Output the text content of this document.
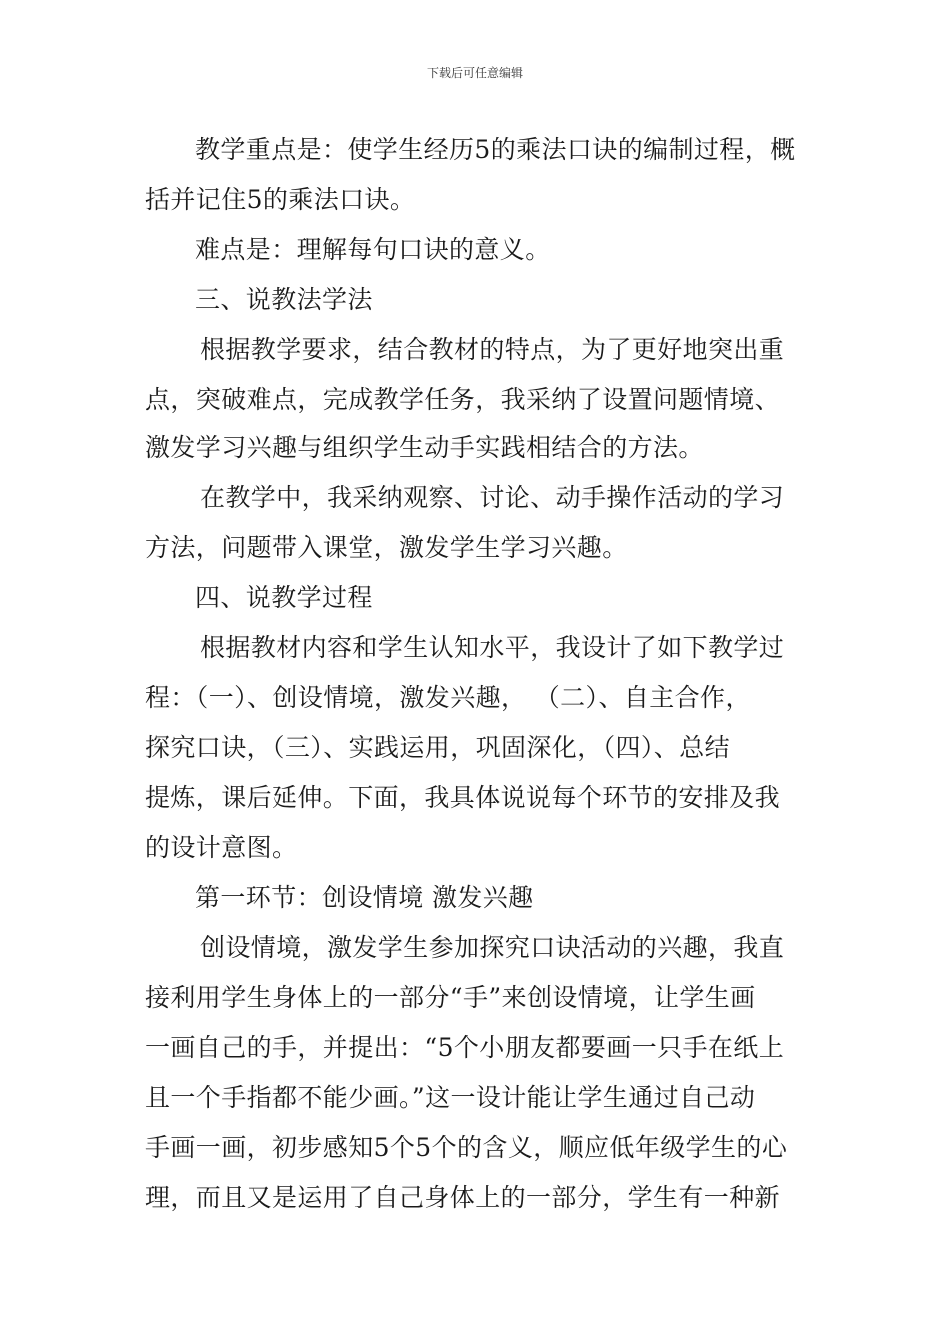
下载后可任意编辑
教学重点是：使学生经历5的乘法口诀的编制过程，概
括并记住5的乘法口诀。
难点是：理解每句口诀的意义。
三、说教法学法
根据教学要求，结合教材的特点，为了更好地突出重
点，突破难点，完成教学任务，我采纳了设置问题情境、
激发学习兴趣与组织学生动手实践相结合的方法。
在教学中，我采纳观察、讨论、动手操作活动的学习
方法，问题带入课堂，激发学生学习兴趣。
四、说教学过程
根据教材内容和学生认知水平，我设计了如下教学过
程：（一）、创设情境，激发兴趣， （二）、自主合作，
探究口诀，（三）、实践运用，巩固深化，（四）、总结
提炼，课后延伸。下面，我具体说说每个环节的安排及我
的设计意图。
第一环节：创设情境 激发兴趣
创设情境，激发学生参加探究口诀活动的兴趣，我直
接利用学生身体上的一部分“手”来创设情境，让学生画
一画自己的手，并提出：“5个小朋友都要画一只手在纸上
且一个手指都不能少画。”这一设计能让学生通过自己动
手画一画，初步感知5个5个的含义，顺应低年级学生的心
理，而且又是运用了自己身体上的一部分，学生有一种新
